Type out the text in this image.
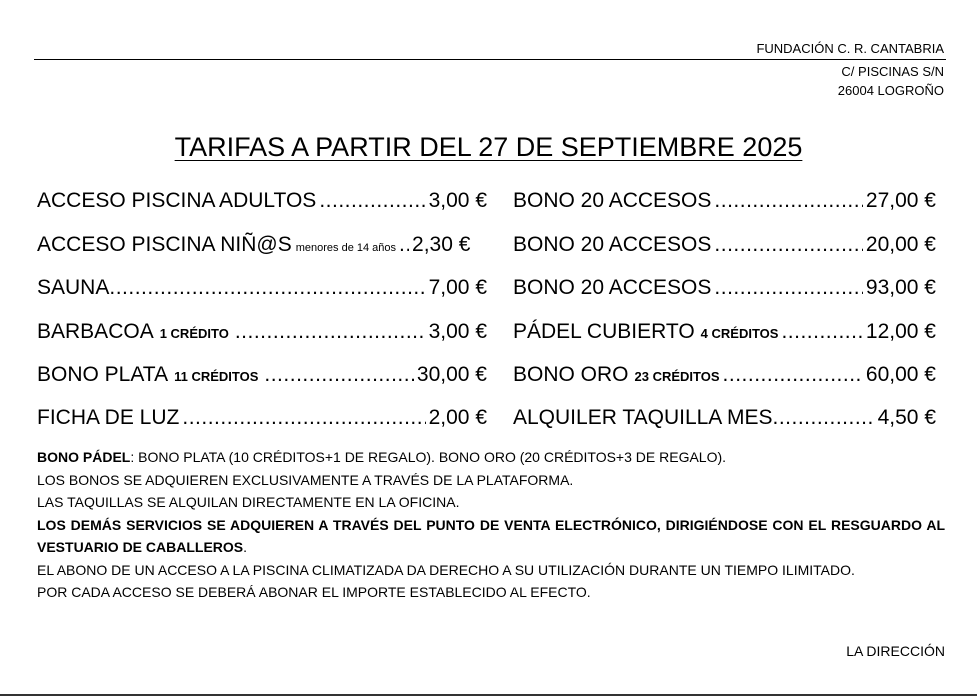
FUNDACIÓN C. R. CANTABRIA
C/ PISCINAS S/N
26004 LOGROÑO
TARIFAS A PARTIR DEL 27 DE SEPTIEMBRE 2025
ACCESO PISCINA ADULTOS .....	3,00 €
ACCESO PISCINA NIÑ@S menores de 14 años ..... 2,30 €
SAUNA .....	7,00 €
BARBACOA 1 CRÉDITO .....	3,00 €
BONO PLATA 11 CRÉDITOS .....	30,00 €
FICHA DE LUZ .....	2,00 €
BONO 20 ACCESOS .....	27,00 €
BONO 20 ACCESOS .....	20,00 €
BONO 20 ACCESOS .....	93,00 €
PÁDEL CUBIERTO 4 CRÉDITOS .....	12,00 €
BONO ORO 23 CRÉDITOS .....	60,00 €
ALQUILER TAQUILLA MES .....	4,50 €

BONO PÁDEL: BONO PLATA (10 CRÉDITOS+1 DE REGALO). BONO ORO (20 CRÉDITOS+3 DE REGALO).

LOS BONOS SE ADQUIEREN EXCLUSIVAMENTE A TRAVÉS DE LA PLATAFORMA.

LAS TAQUILLAS SE ALQUILAN DIRECTAMENTE EN LA OFICINA.

LOS DEMÁS SERVICIOS SE ADQUIEREN A TRAVÉS DEL PUNTO DE VENTA ELECTRÓNICO, DIRIGIÉNDOSE CON EL RESGUARDO AL VESTUARIO DE CABALLEROS.

EL ABONO DE UN ACCESO A LA PISCINA CLIMATIZADA DA DERECHO A SU UTILIZACIÓN DURANTE UN TIEMPO ILIMITADO.

POR CADA ACCESO SE DEBERÁ ABONAR EL IMPORTE ESTABLECIDO AL EFECTO.

LA DIRECCIÓN
